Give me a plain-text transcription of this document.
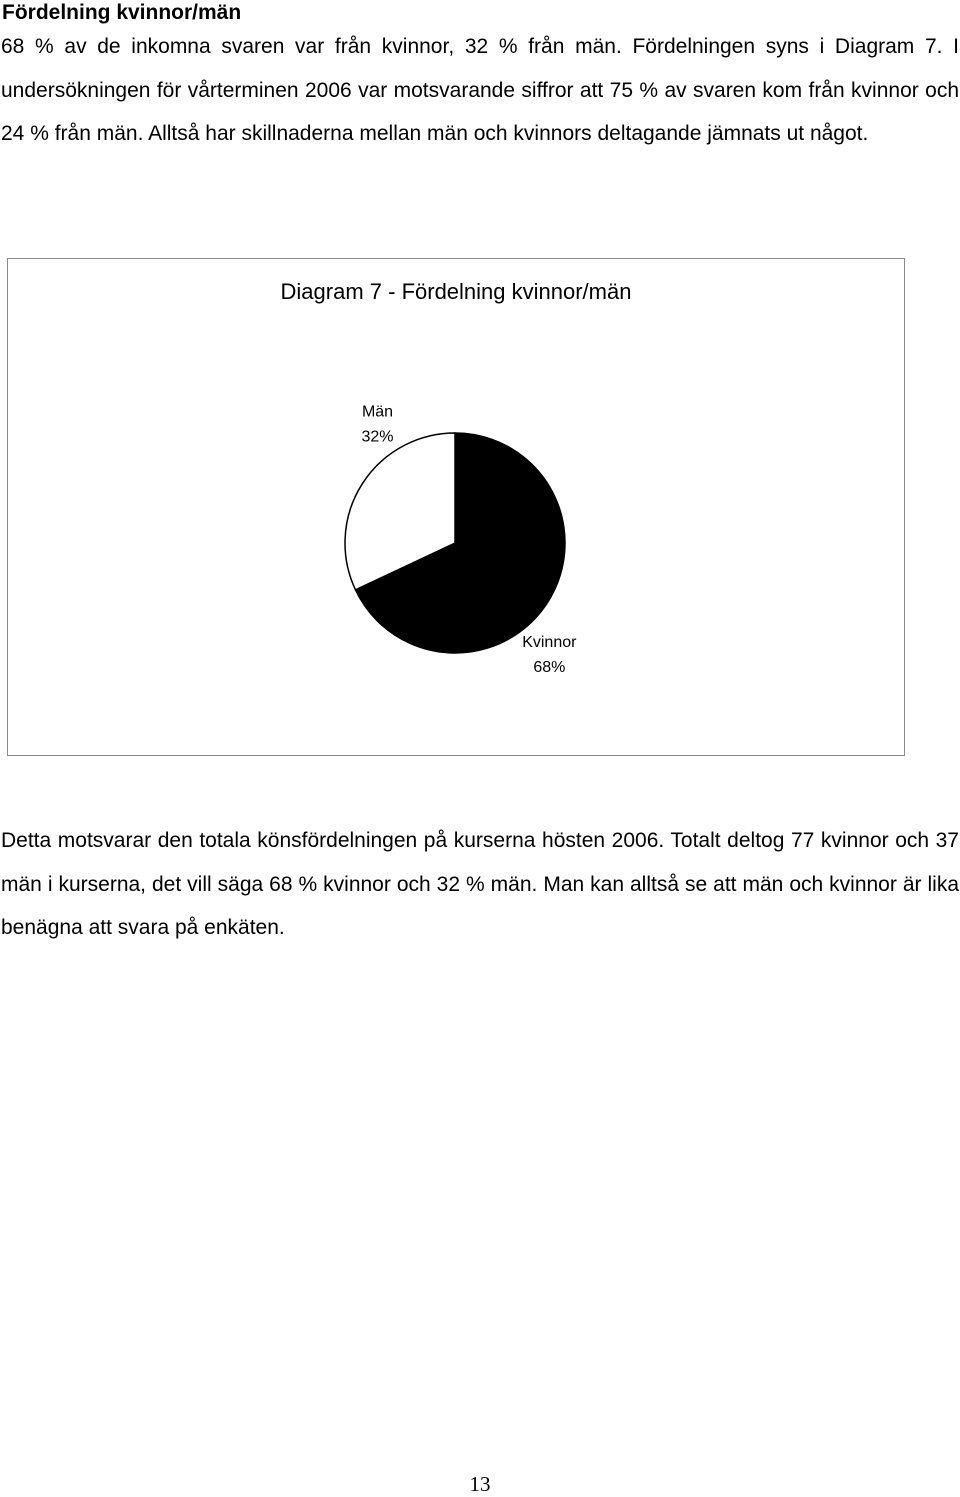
Fördelning kvinnor/män

68 % av de inkomna svaren var från kvinnor, 32 % från män. Fördelningen syns i Diagram 7. I undersökningen för vårterminen 2006 var motsvarande siffror att 75 % av svaren kom från kvinnor och 24 % från män. Alltså har skillnaderna mellan män och kvinnors deltagande jämnats ut något.

Diagram 7 - Fördelning kvinnor/män
Kvinnor
68%
Män
32%

Detta motsvarar den totala könsfördelningen på kurserna hösten 2006. Totalt deltog 77 kvinnor och 37 män i kurserna, det vill säga 68 % kvinnor och 32 % män. Man kan alltså se att män och kvinnor är lika benägna att svara på enkäten.

13
